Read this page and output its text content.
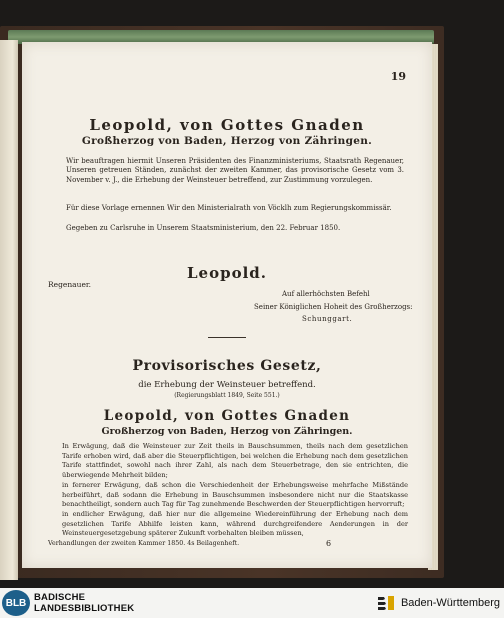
19
Leopold, von Gottes Gnaden
Großherzog von Baden, Herzog von Zähringen.

Wir beauftragen hiermit Unseren Präsidenten des Finanzministeriums, Staatsrath Regenauer, Unseren getreuen Ständen, zunächst der zweiten Kammer, das provisorische Gesetz vom 3. November v. J., die Erhebung der Weinsteuer betreffend, zur Zustimmung vorzulegen.

Für diese Vorlage ernennen Wir den Ministerialrath von Vöcklh zum Regierungskommissär.

Gegeben zu Carlsruhe in Unserem Staatsministerium, den 22. Februar 1850.

Leopold.
Regenauer.
Auf allerhöchsten Befehl
Seiner Königlichen Hoheit des Großherzogs:
Schunggart.
Provisorisches Gesetz,
die Erhebung der Weinsteuer betreffend.
(Regierungsblatt 1849, Seite 551.)
Leopold, von Gottes Gnaden
Großherzog von Baden, Herzog von Zähringen.

In Erwägung, daß die Weinsteuer zur Zeit theils in Bauschsummen, theils nach dem gesetzlichen Tarife erhoben wird, daß aber die Steuerpflichtigen, bei welchen die Erhebung nach dem gesetzlichen Tarife stattfindet, sowohl nach ihrer Zahl, als nach dem Steuerbetrage, den sie entrichten, die überwiegende Mehrheit bilden;

in fernerer Erwägung, daß schon die Verschiedenheit der Erhebungsweise mehrfache Mißstände herbeiführt, daß sodann die Erhebung in Bauschsummen insbesondere nicht nur die Staatskasse benachtheiligt, sondern auch Tag für Tag zunehmende Beschwerden der Steuerpflichtigen hervorruft;

in endlicher Erwägung, daß hier nur die allgemeine Wiedereinführung der Erhebung nach dem gesetzlichen Tarife Abhilfe leisten kann, während durchgreifendere Aenderungen in der Weinsteuergesetzgebung späterer Zukunft vorbehalten bleiben müssen,

Verhandlungen der zweiten Kammer 1850. 4s Beilagenheft.	6
BLB BADISCHE
LANDESBIBLIOTHEK	Baden-Württemberg
